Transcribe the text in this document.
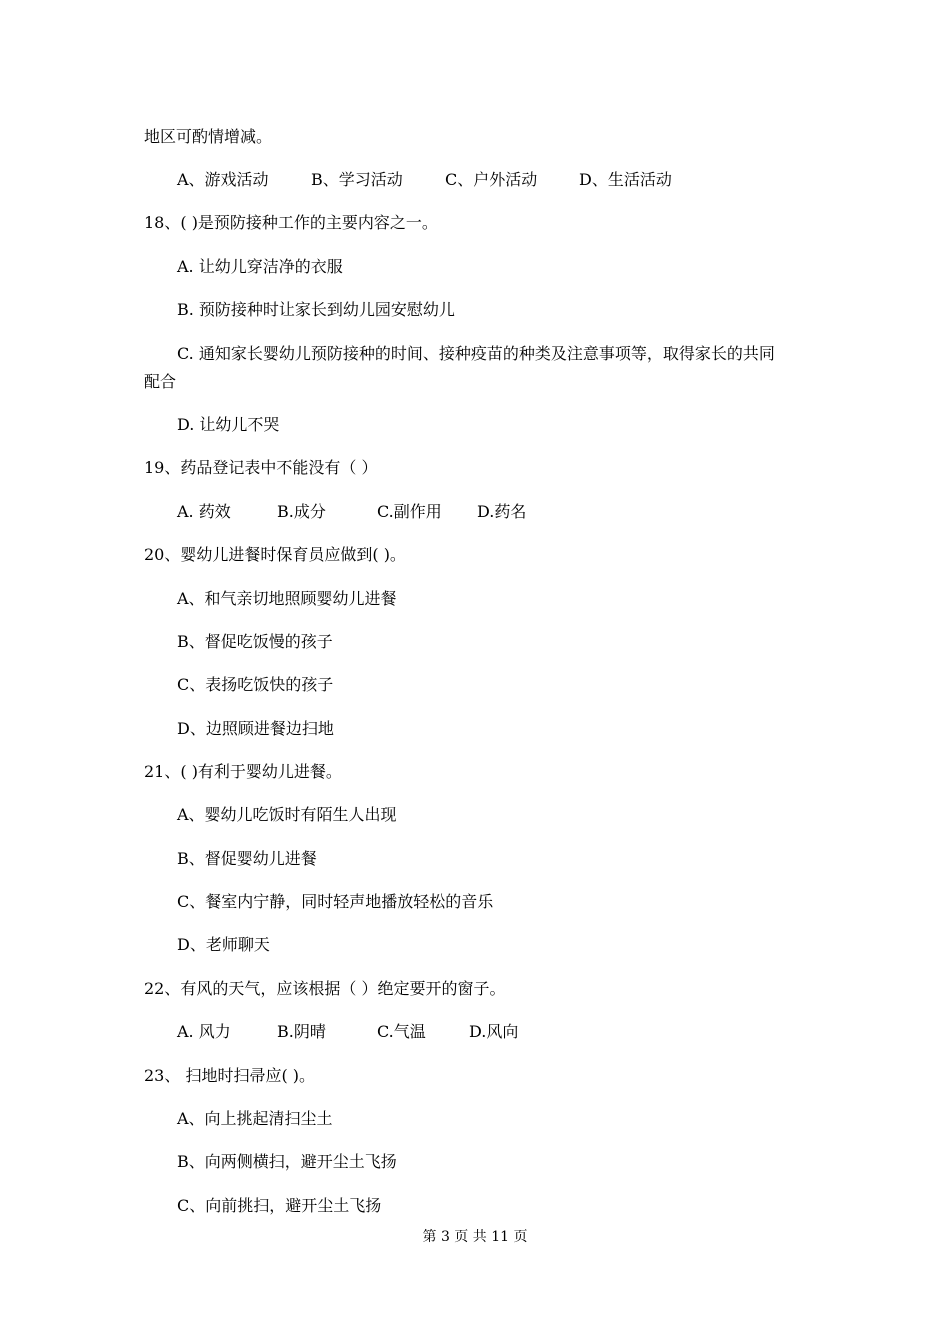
地区可酌情增减。
A、游戏活动	B、学习活动	C、户外活动	D、生活活动
18、( )是预防接种工作的主要内容之一。
A. 让幼儿穿洁净的衣服
B. 预防接种时让家长到幼儿园安慰幼儿
C. 通知家长婴幼儿预防接种的时间、接种疫苗的种类及注意事项等，取得家长的共同
配合
D. 让幼儿不哭
19、药品登记表中不能没有（ ）
A. 药效	B.成分	C.副作用 D.药名
20、婴幼儿进餐时保育员应做到( )。
A、和气亲切地照顾婴幼儿进餐
B、督促吃饭慢的孩子
C、表扬吃饭快的孩子
D、边照顾进餐边扫地
21、( )有利于婴幼儿进餐。
A、婴幼儿吃饭时有陌生人出现
B、督促婴幼儿进餐
C、餐室内宁静，同时轻声地播放轻松的音乐
D、老师聊天
22、有风的天气，应该根据（ ）绝定要开的窗子。
A. 风力	B.阴晴	C.气温	D.风向
23、 扫地时扫帚应( )。
A、向上挑起清扫尘土
B、向两侧横扫，避开尘土飞扬
C、向前挑扫，避开尘土飞扬
第 3 页 共 11 页
